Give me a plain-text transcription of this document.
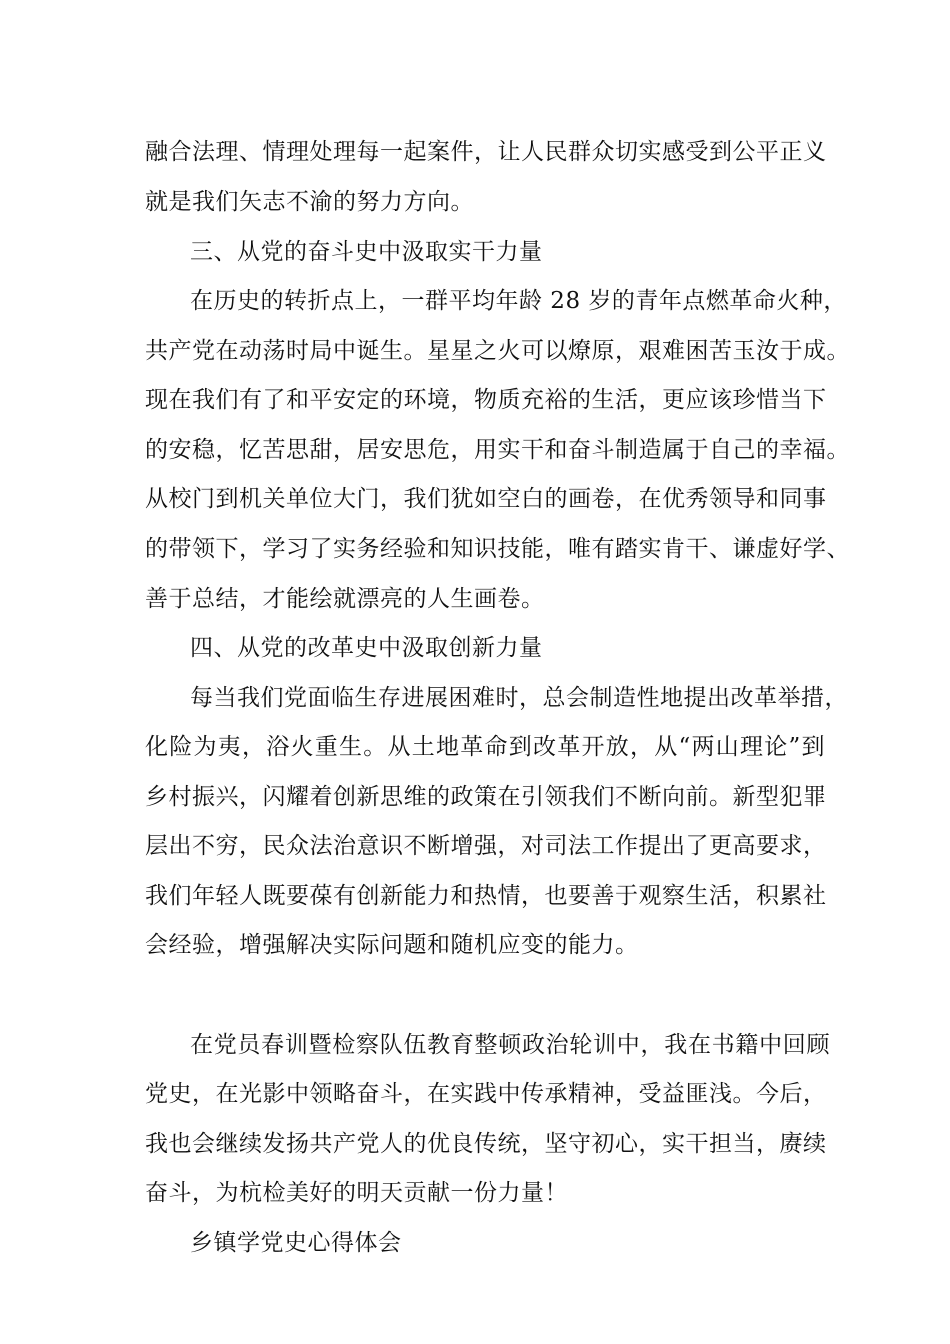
融合法理、情理处理每一起案件，让人民群众切实感受到公平正义
就是我们矢志不渝的努力方向。
三、从党的奋斗史中汲取实干力量
在历史的转折点上，一群平均年龄 28 岁的青年点燃革命火种，
共产党在动荡时局中诞生。星星之火可以燎原，艰难困苦玉汝于成。
现在我们有了和平安定的环境，物质充裕的生活，更应该珍惜当下
的安稳，忆苦思甜，居安思危，用实干和奋斗制造属于自己的幸福。
从校门到机关单位大门，我们犹如空白的画卷，在优秀领导和同事
的带领下，学习了实务经验和知识技能，唯有踏实肯干、谦虚好学、
善于总结，才能绘就漂亮的人生画卷。
四、从党的改革史中汲取创新力量
每当我们党面临生存进展困难时，总会制造性地提出改革举措，
化险为夷，浴火重生。从土地革命到改革开放，从“两山理论”到
乡村振兴，闪耀着创新思维的政策在引领我们不断向前。新型犯罪
层出不穷，民众法治意识不断增强，对司法工作提出了更高要求，
我们年轻人既要葆有创新能力和热情，也要善于观察生活，积累社
会经验，增强解决实际问题和随机应变的能力。
在党员春训暨检察队伍教育整顿政治轮训中，我在书籍中回顾
党史，在光影中领略奋斗，在实践中传承精神，受益匪浅。今后，
我也会继续发扬共产党人的优良传统，坚守初心，实干担当，赓续
奋斗，为杭检美好的明天贡献一份力量！
乡镇学党史心得体会
